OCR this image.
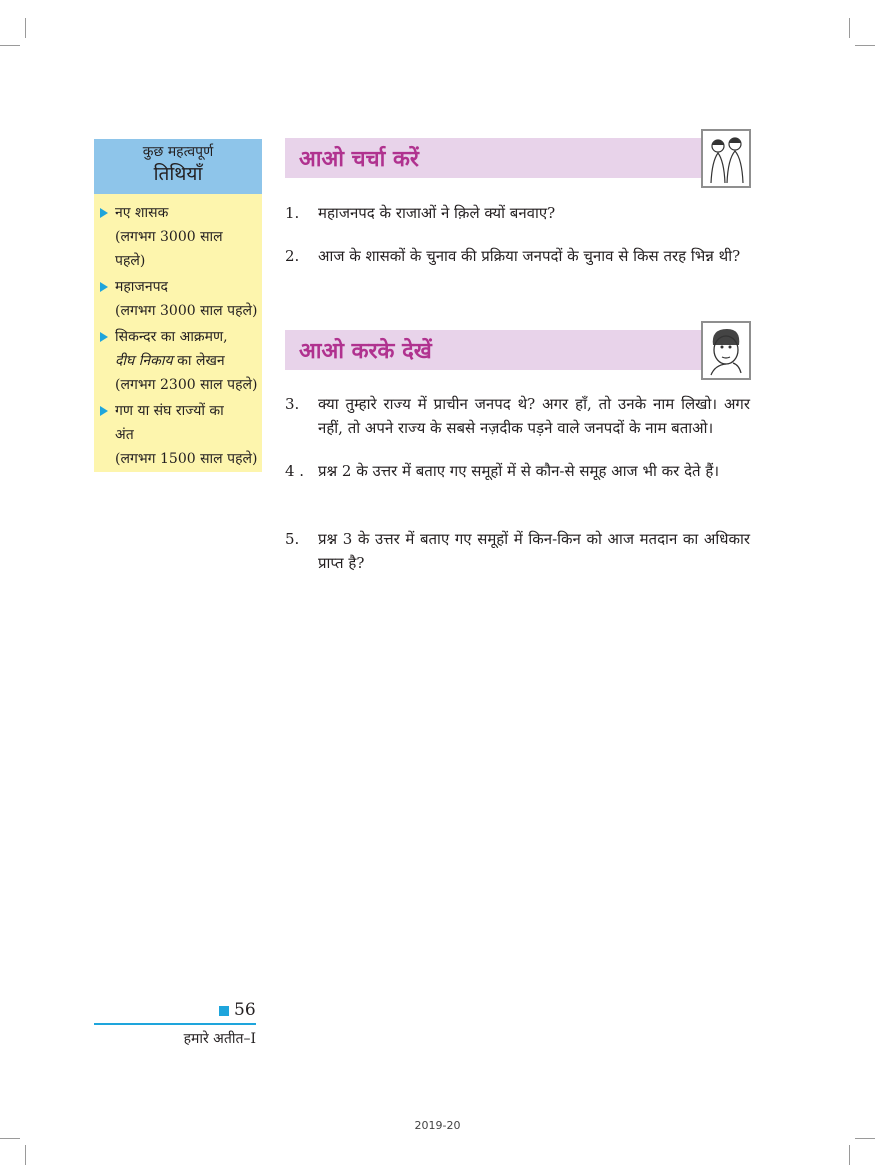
कुछ महत्वपूर्ण
तिथियाँ
नए शासक
(लगभग 3000 साल
पहले)
महाजनपद
(लगभग 3000 साल पहले)
सिकन्दर का आक्रमण,
दीघ निकाय का लेखन
(लगभग 2300 साल पहले)
गण या संघ राज्यों का
अंत
(लगभग 1500 साल पहले)
आओ चर्चा करें
1. महाजनपद के राजाओं ने क़िले क्यों बनवाए?
2. आज के शासकों के चुनाव की प्रक्रिया जनपदों के चुनाव से किस तरह भिन्न थी?
आओ करके देखें
3. क्या तुम्हारे राज्य में प्राचीन जनपद थे? अगर हाँ, तो उनके नाम लिखो। अगर नहीं, तो अपने राज्य के सबसे नज़दीक पड़ने वाले जनपदों के नाम बताओ।
4 . प्रश्न 2 के उत्तर में बताए गए समूहों में से कौन-से समूह आज भी कर देते हैं।
5. प्रश्न 3 के उत्तर में बताए गए समूहों में किन-किन को आज मतदान का अधिकार प्राप्त है?
56
हमारे अतीत–I
2019-20
